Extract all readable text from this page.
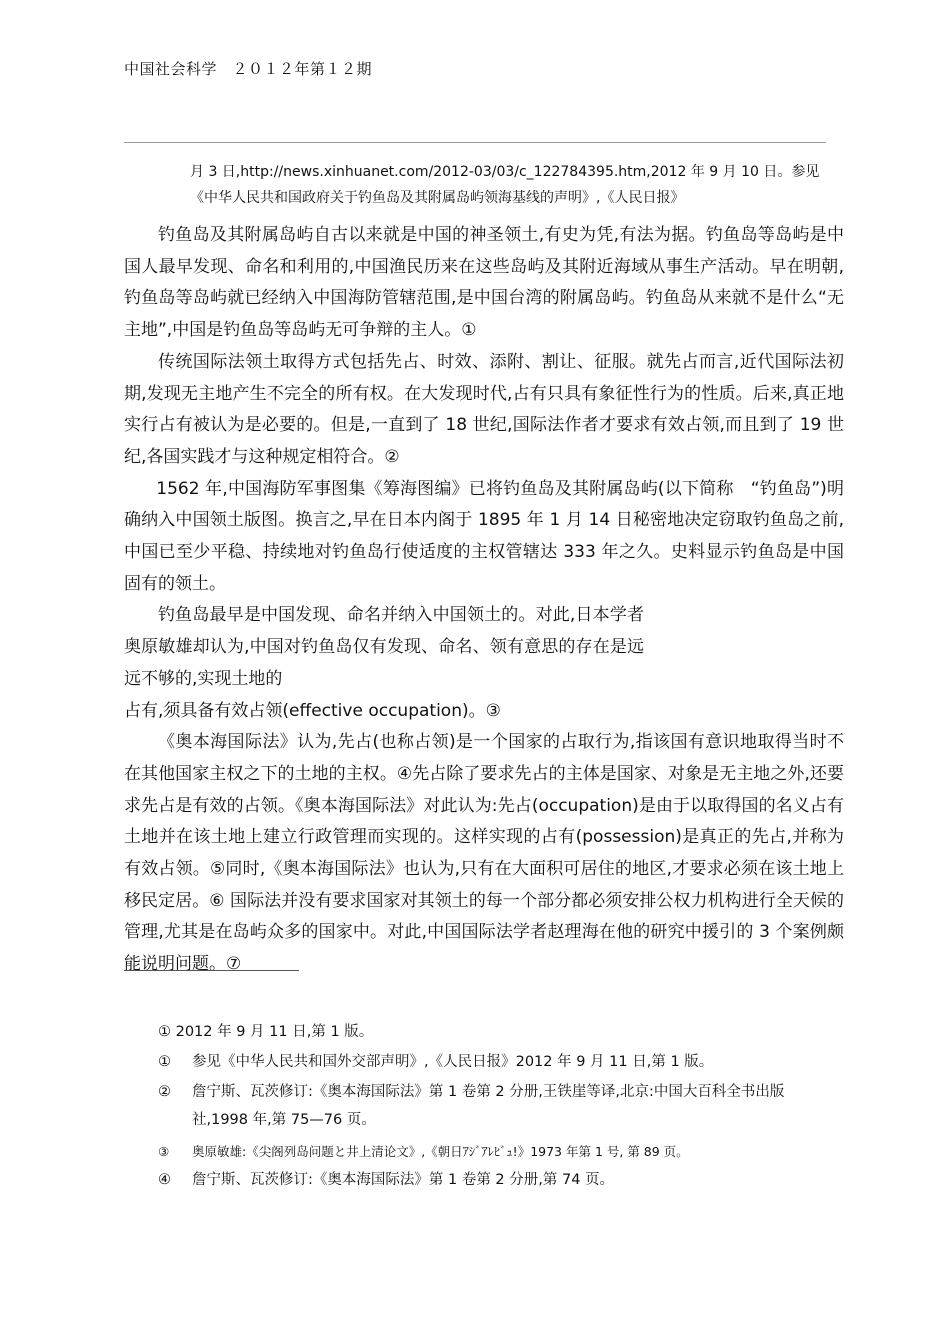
中国社会科学　２０１２年第１２期
月 3 日,http://news.xinhuanet.com/2012-03/03/c_122784395.htm,2012 年 9 月 10 日。参见
《中华人民共和国政府关于钓鱼岛及其附属岛屿领海基线的声明》,《人民日报》

钓鱼岛及其附属岛屿自古以来就是中国的神圣领土,有史为凭,有法为据。钓鱼岛等岛屿是中国人最早发现、命名和利用的,中国渔民历来在这些岛屿及其附近海域从事生产活动。早在明朝,钓鱼岛等岛屿就已经纳入中国海防管辖范围,是中国台湾的附属岛屿。钓鱼岛从来就不是什么“无主地”,中国是钓鱼岛等岛屿无可争辩的主人。①

传统国际法领土取得方式包括先占、时效、添附、割让、征服。就先占而言,近代国际法初期,发现无主地产生不完全的所有权。在大发现时代,占有只具有象征性行为的性质。后来,真正地实行占有被认为是必要的。但是,一直到了 18 世纪,国际法作者才要求有效占领,而且到了 19 世纪,各国实践才与这种规定相符合。②

1562 年,中国海防军事图集《筹海图编》已将钓鱼岛及其附属岛屿(以下简称　“钓鱼岛”)明确纳入中国领土版图。换言之,早在日本内阁于 1895 年 1 月 14 日秘密地决定窃取钓鱼岛之前,中国已至少平稳、持续地对钓鱼岛行使适度的主权管辖达 333 年之久。史料显示钓鱼岛是中国固有的领土。

钓鱼岛最早是中国发现、命名并纳入中国领土的。对此,日本学者奥原敏雄却认为,中国对钓鱼岛仅有发现、命名、领有意思的存在是远远不够的,实现土地的

占有,须具备有效占领(effective occupation)。③

《奥本海国际法》认为,先占(也称占领)是一个国家的占取行为,指该国有意识地取得当时不在其他国家主权之下的土地的主权。④先占除了要求先占的主体是国家、对象是无主地之外,还要求先占是有效的占领。《奥本海国际法》对此认为:先占(occupation)是由于以取得国的名义占有土地并在该土地上建立行政管理而实现的。这样实现的占有(possession)是真正的先占,并称为有效占领。⑤同时,《奥本海国际法》也认为,只有在大面积可居住的地区,才要求必须在该土地上移民定居。⑥ 国际法并没有要求国家对其领土的每一个部分都必须安排公权力机构进行全天候的管理,尤其是在岛屿众多的国家中。对此,中国国际法学者赵理海在他的研究中援引的 3 个案例颇能说明问题。⑦

① 2012 年 9 月 11 日,第 1 版。
① 参见《中华人民共和国外交部声明》,《人民日报》2012 年 9 月 11 日,第 1 版。
② 詹宁斯、瓦茨修订:《奥本海国际法》第 1 卷第 2 分册,王铁崖等译,北京:中国大百科全书出版社,1998 年,第 75—76 页。
③ 奥原敏雄:《尖阁列岛问题と井上清论文》,《朝日ｱｼﾞｱﾚﾋﾞｭ!》1973 年第 1 号, 第 89 页。
④ 詹宁斯、瓦茨修订:《奥本海国际法》第 1 卷第 2 分册,第 74 页。
